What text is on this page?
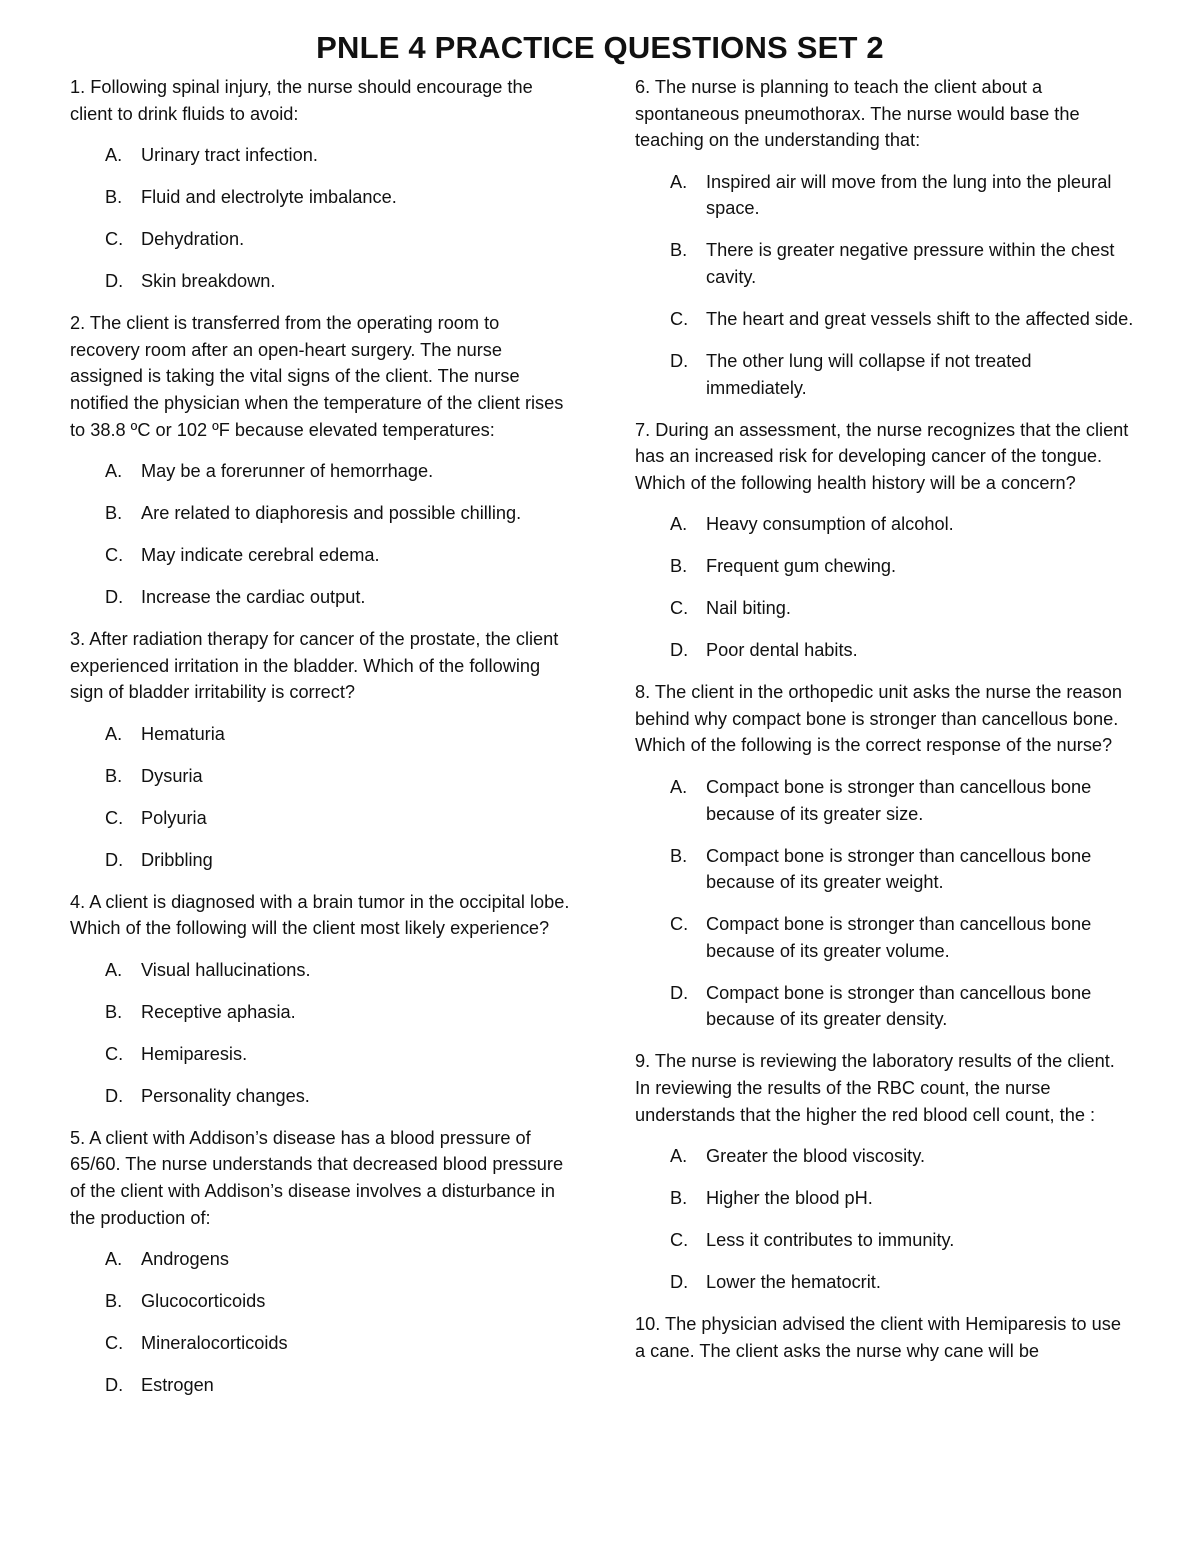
PNLE 4 PRACTICE QUESTIONS SET 2

1. Following spinal injury, the nurse should encourage the client to drink fluids to avoid:

A. Urinary tract infection.
B. Fluid and electrolyte imbalance.
C. Dehydration.
D. Skin breakdown.

2. The client is transferred from the operating room to recovery room after an open-heart surgery. The nurse assigned is taking the vital signs of the client. The nurse notified the physician when the temperature of the client rises to 38.8 ºC or 102 ºF because elevated temperatures:

A. May be a forerunner of hemorrhage.
B. Are related to diaphoresis and possible chilling.
C. May indicate cerebral edema.
D. Increase the cardiac output.

3. After radiation therapy for cancer of the prostate, the client experienced irritation in the bladder. Which of the following sign of bladder irritability is correct?

A. Hematuria
B. Dysuria
C. Polyuria
D. Dribbling

4. A client is diagnosed with a brain tumor in the occipital lobe. Which of the following will the client most likely experience?

A. Visual hallucinations.
B. Receptive aphasia.
C. Hemiparesis.
D. Personality changes.

5. A client with Addison’s disease has a blood pressure of 65/60. The nurse understands that decreased blood pressure of the client with Addison’s disease involves a disturbance in the production of:

A. Androgens
B. Glucocorticoids
C. Mineralocorticoids
D. Estrogen

6. The nurse is planning to teach the client about a spontaneous pneumothorax. The nurse would base the teaching on the understanding that:

A. Inspired air will move from the lung into the pleural space.
B. There is greater negative pressure within the chest cavity.
C. The heart and great vessels shift to the affected side.
D. The other lung will collapse if not treated immediately.

7. During an assessment, the nurse recognizes that the client has an increased risk for developing cancer of the tongue. Which of the following health history will be a concern?

A. Heavy consumption of alcohol.
B. Frequent gum chewing.
C. Nail biting.
D. Poor dental habits.

8. The client in the orthopedic unit asks the nurse the reason behind why compact bone is stronger than cancellous bone. Which of the following is the correct response of the nurse?

A. Compact bone is stronger than cancellous bone because of its greater size.
B. Compact bone is stronger than cancellous bone because of its greater weight.
C. Compact bone is stronger than cancellous bone because of its greater volume.
D. Compact bone is stronger than cancellous bone because of its greater density.

9. The nurse is reviewing the laboratory results of the client. In reviewing the results of the RBC count, the nurse understands that the higher the red blood cell count, the :

A. Greater the blood viscosity.
B. Higher the blood pH.
C. Less it contributes to immunity.
D. Lower the hematocrit.

10. The physician advised the client with Hemiparesis to use a cane. The client asks the nurse why cane will be
